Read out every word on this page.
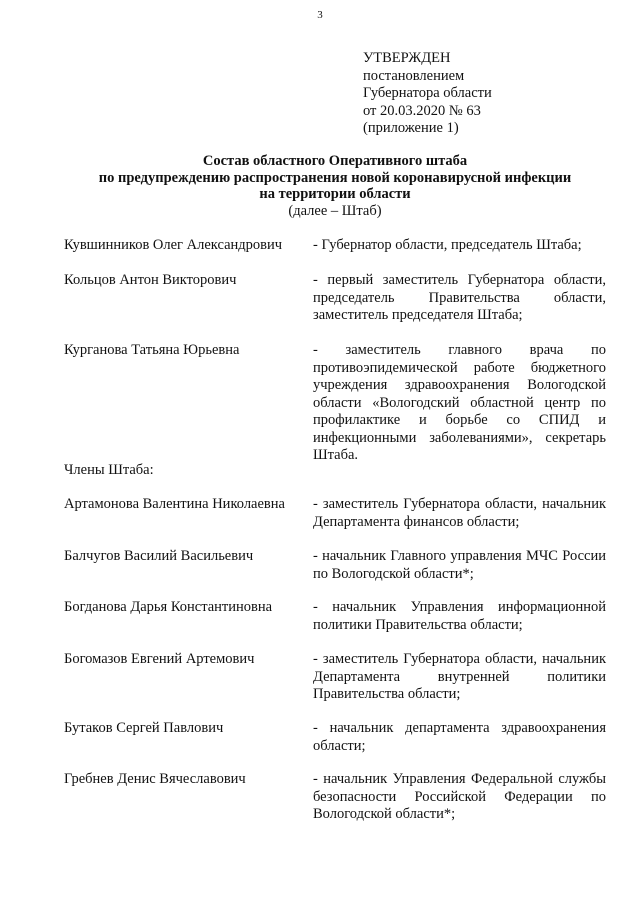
3
УТВЕРЖДЕН
постановлением
Губернатора области
от 20.03.2020 № 63
(приложение 1)
Состав областного Оперативного штаба
по предупреждению распространения новой коронавирусной инфекции
на территории области
(далее – Штаб)
Кувшинников Олег Александрович - Губернатор области, председатель Штаба;
Кольцов Антон Викторович	- первый заместитель Губернатора области, председатель Правительства области, заместитель председателя Штаба;
Курганова Татьяна Юрьевна	- заместитель главного врача по противоэпидемической работе бюджетного учреждения здравоохранения Вологодской области «Вологодский областной центр по профилактике и борьбе со СПИД и инфекционными заболеваниями», секретарь Штаба.
Члены Штаба:
Артамонова Валентина Николаевна - заместитель Губернатора области, начальник Департамента финансов области;
Балчугов Василий Васильевич	- начальник Главного управления МЧС России по Вологодской области*;
Богданова Дарья Константиновна	- начальник Управления информационной политики Правительства области;
Богомазов Евгений Артемович	- заместитель Губернатора области, начальник Департамента внутренней политики Правительства области;
Бутаков Сергей Павлович	- начальник департамента здравоохранения области;
Гребнев Денис Вячеславович	- начальник Управления Федеральной службы безопасности Российской Федерации по Вологодской области*;
